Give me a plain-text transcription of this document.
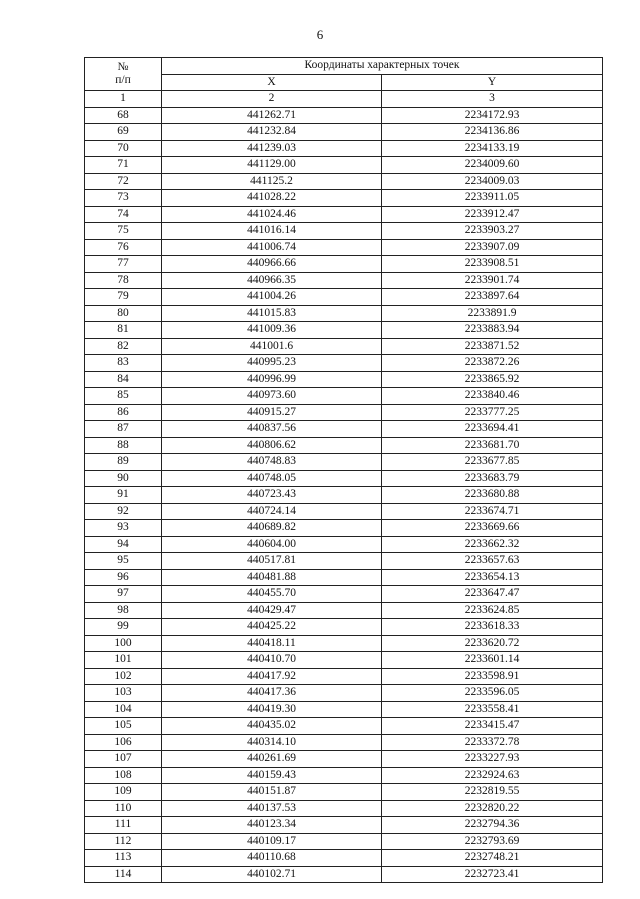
6
№
п/п	Координаты характерных точек	
	X	Y
1	2	3
68	441262.71	2234172.93
69	441232.84	2234136.86
70	441239.03	2234133.19
71	441129.00	2234009.60
72	441125.2	2234009.03
73	441028.22	2233911.05
74	441024.46	2233912.47
75	441016.14	2233903.27
76	441006.74	2233907.09
77	440966.66	2233908.51
78	440966.35	2233901.74
79	441004.26	2233897.64
80	441015.83	2233891.9
81	441009.36	2233883.94
82	441001.6	2233871.52
83	440995.23	2233872.26
84	440996.99	2233865.92
85	440973.60	2233840.46
86	440915.27	2233777.25
87	440837.56	2233694.41
88	440806.62	2233681.70
89	440748.83	2233677.85
90	440748.05	2233683.79
91	440723.43	2233680.88
92	440724.14	2233674.71
93	440689.82	2233669.66
94	440604.00	2233662.32
95	440517.81	2233657.63
96	440481.88	2233654.13
97	440455.70	2233647.47
98	440429.47	2233624.85
99	440425.22	2233618.33
100	440418.11	2233620.72
101	440410.70	2233601.14
102	440417.92	2233598.91
103	440417.36	2233596.05
104	440419.30	2233558.41
105	440435.02	2233415.47
106	440314.10	2233372.78
107	440261.69	2233227.93
108	440159.43	2232924.63
109	440151.87	2232819.55
110	440137.53	2232820.22
111	440123.34	2232794.36
112	440109.17	2232793.69
113	440110.68	2232748.21
114	440102.71	2232723.41
